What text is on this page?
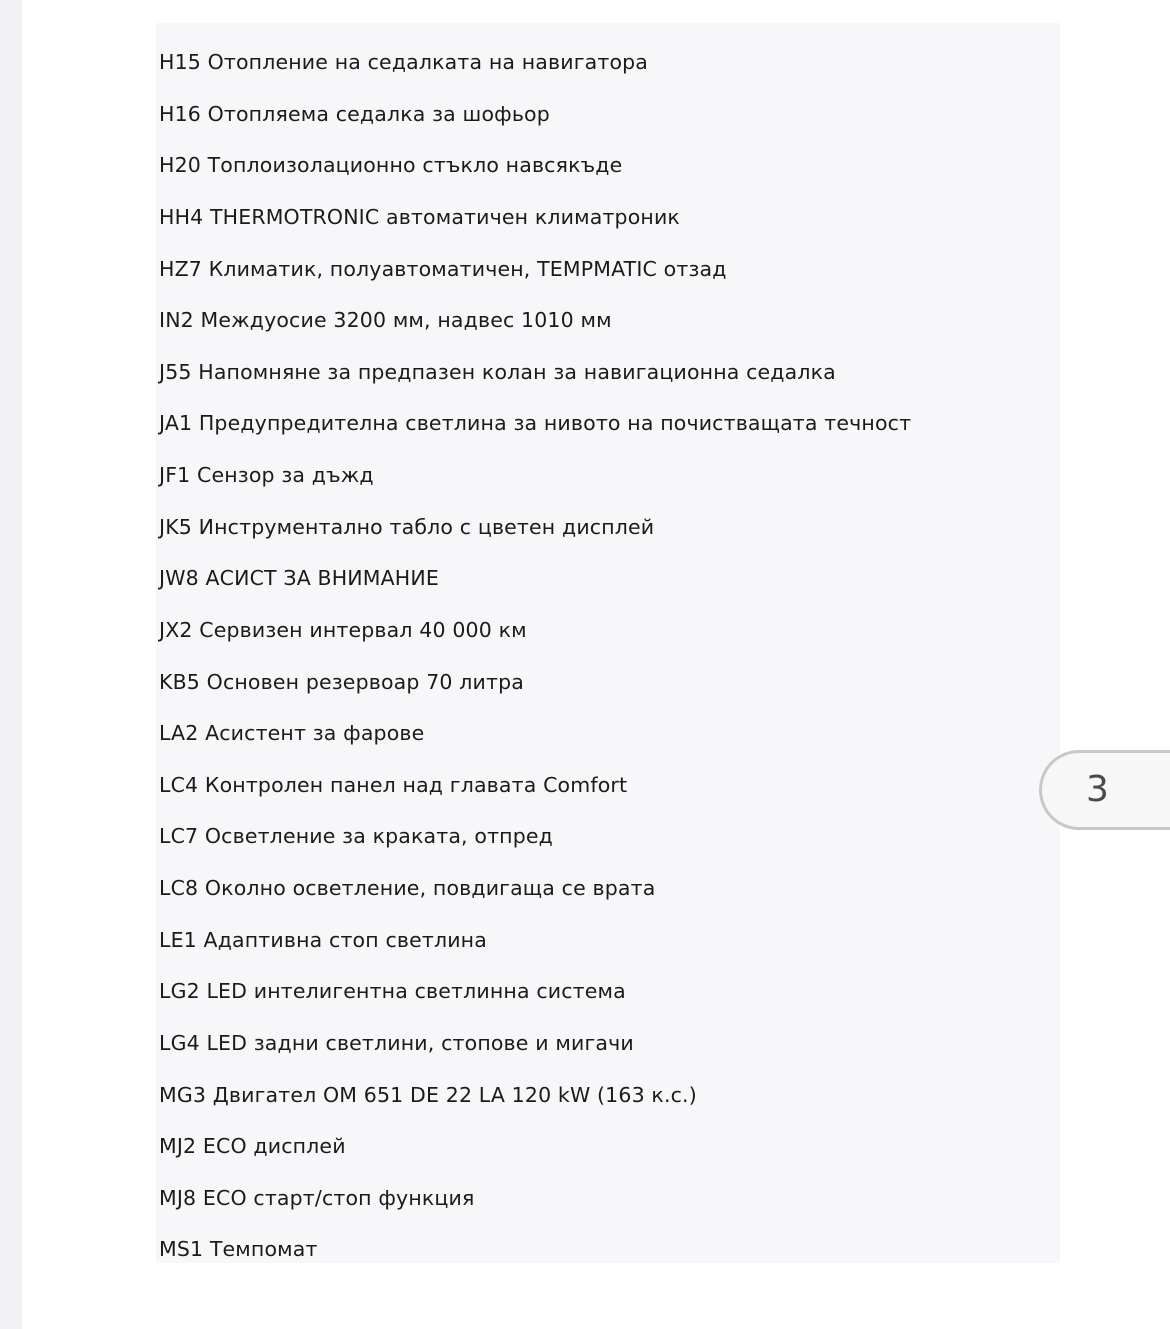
H15 Отопление на седалката на навигатора
H16 Отопляема седалка за шофьор
H20 Топлоизолационно стъкло навсякъде
HH4 THERMOTRONIC автоматичен климатроник
HZ7 Климатик, полуавтоматичен, TEMPMATIC отзад
IN2 Междуосие 3200 мм, надвес 1010 мм
J55 Напомняне за предпазен колан за навигационна седалка
JA1 Предупредителна светлина за нивото на почистващата течност
JF1 Сензор за дъжд
JK5 Инструментално табло с цветен дисплей
JW8 АСИСТ ЗА ВНИМАНИЕ
JX2 Сервизен интервал 40 000 км
KB5 Основен резервоар 70 литра
LA2 Асистент за фарове
LC4 Контролен панел над главата Comfort
LC7 Осветление за краката, отпред
LC8 Околно осветление, повдигаща се врата
LE1 Адаптивна стоп светлина
LG2 LED интелигентна светлинна система
LG4 LED задни светлини, стопове и мигачи
MG3 Двигател OM 651 DE 22 LA 120 kW (163 к.с.)
MJ2 ECO дисплей
MJ8 ECO старт/стоп функция
MS1 Темпомат
3
